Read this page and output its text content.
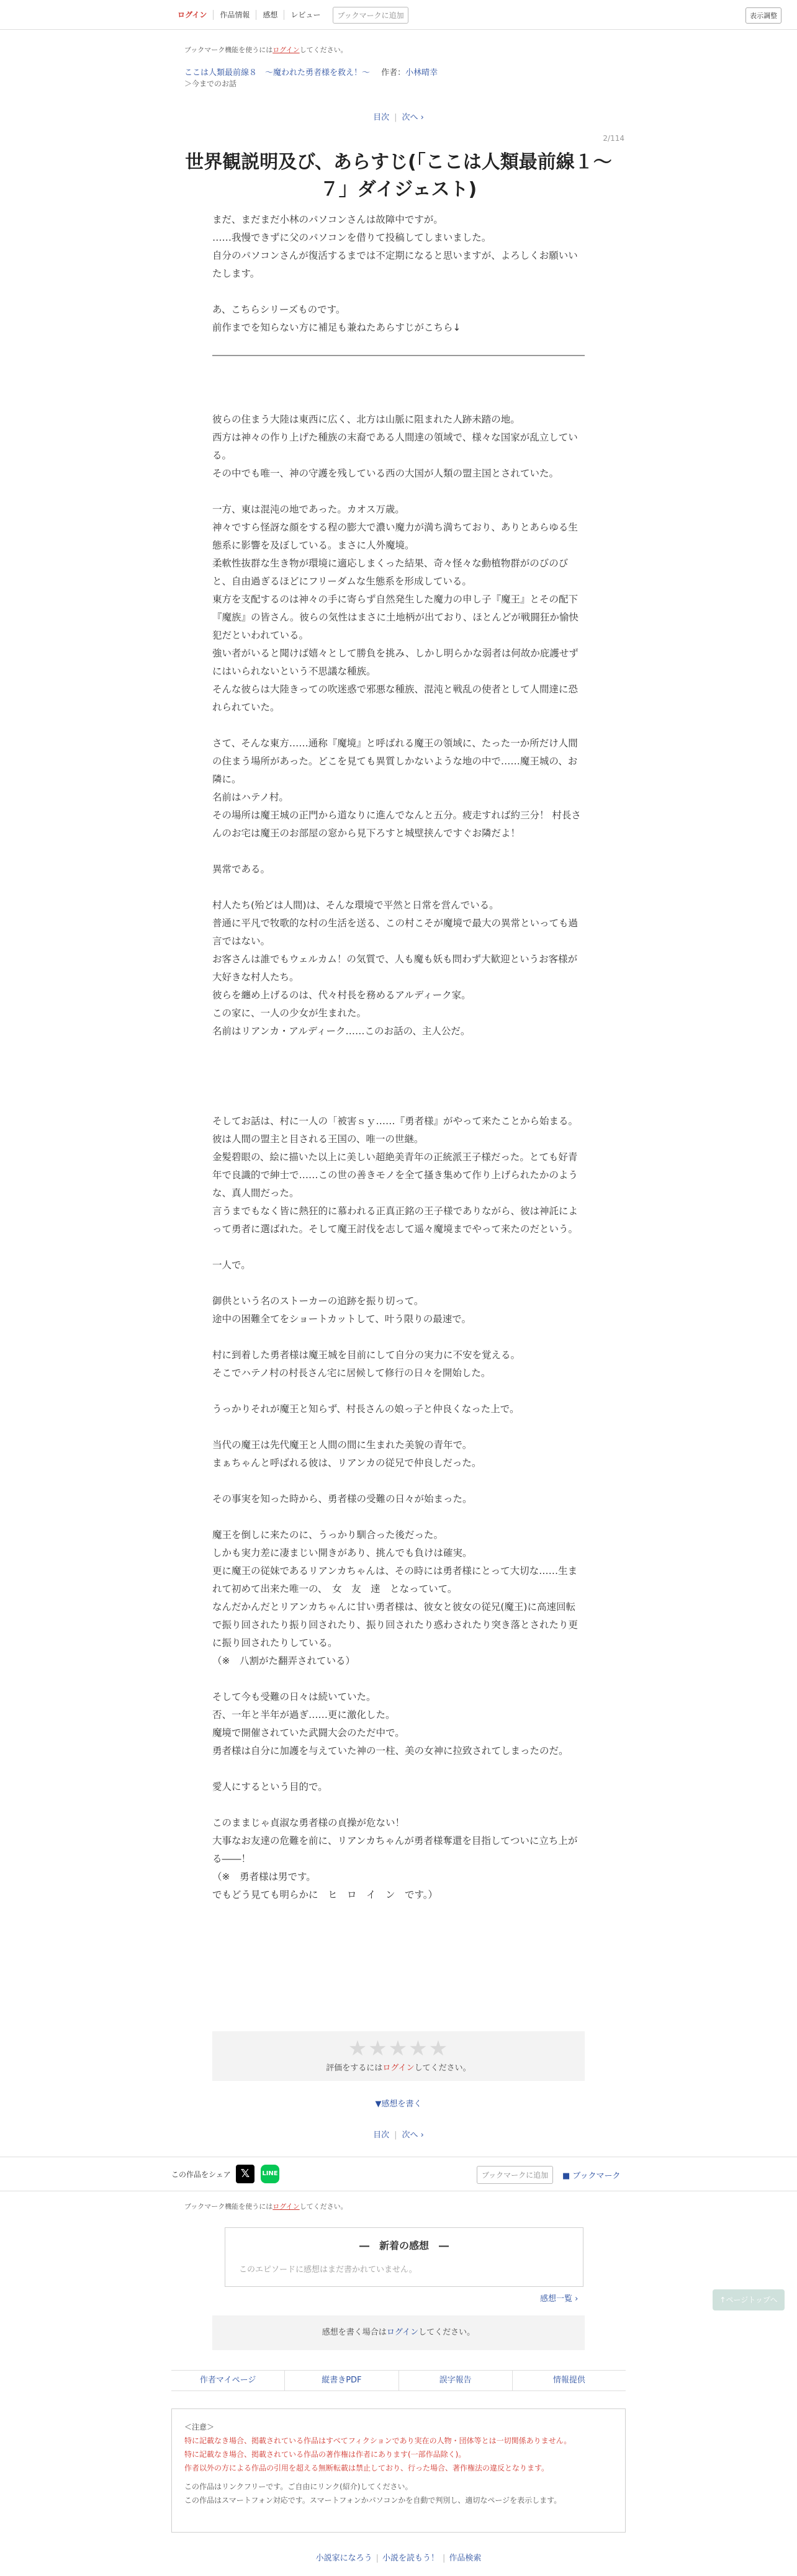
ログイン	作品情報	感想	レビュー	ブックマークに追加	表示調整
ブックマーク機能を使うにはログインしてください。
ここは人類最前線８　～魔われた勇者様を救え！～ 作者：小林晴幸
＞今までのお話
目次 | 次へ ›
2/114
世界観説明及び、あらすじ(「ここは人類最前線１～７」ダイジェスト)

まだ、まだまだ小林のパソコンさんは故障中ですが。

……我慢できずに父のパソコンを借りて投稿してしまいました。

自分のパソコンさんが復活するまでは不定期になると思いますが、よろしくお願いいたします。

あ、こちらシリーズものです。

前作までを知らない方に補足も兼ねたあらすじがこちら↓

彼らの住まう大陸は東西に広く、北方は山脈に阻まれた人跡未踏の地。

西方は神々の作り上げた種族の末裔である人間達の領域で、様々な国家が乱立している。

その中でも唯一、神の守護を残している西の大国が人類の盟主国とされていた。

一方、東は混沌の地であった。カオス万歳。

神々ですら怪訝な顔をする程の膨大で濃い魔力が満ち満ちており、ありとあらゆる生態系に影響を及ぼしている。まさに人外魔境。

柔軟性抜群な生き物が環境に適応しまくった結果、奇々怪々な動植物群がのびのびと、自由過ぎるほどにフリーダムな生態系を形成している。

東方を支配するのは神々の手に寄らず自然発生した魔力の申し子『魔王』とその配下『魔族』の皆さん。彼らの気性はまさに土地柄が出ており、ほとんどが戦闘狂か愉快犯だといわれている。

強い者がいると聞けば嬉々として勝負を挑み、しかし明らかな弱者は何故か庇護せずにはいられないという不思議な種族。

そんな彼らは大陸きっての吹迷惑で邪悪な種族、混沌と戦乱の使者として人間達に恐れられていた。

さて、そんな東方……通称『魔境』と呼ばれる魔王の領域に、たった一か所だけ人間の住まう場所があった。どこを見ても異質しかないような地の中で……魔王城の、お隣に。

名前はハテノ村。

その場所は魔王城の正門から道なりに進んでなんと五分。疲走すれば約三分！ 村長さんのお宅は魔王のお部屋の窓から見下ろすと城壁挟んですぐお隣だよ！

異常である。

村人たち(殆どは人間)は、そんな環境で平然と日常を営んでいる。

普通に平凡で牧歌的な村の生活を送る、この村こそが魔境で最大の異常といっても過言ではない。

お客さんは誰でもウェルカム！の気質で、人も魔も妖も問わず大歓迎というお客様が大好きな村人たち。

彼らを纏め上げるのは、代々村長を務めるアルディーク家。

この家に、一人の少女が生まれた。

名前はリアンカ・アルディーク……このお話の、主人公だ。

そしてお話は、村に一人の「被害ｓｙ……『勇者様』がやって来たことから始まる。

彼は人間の盟主と目される王国の、唯一の世継。

金髪碧眼の、絵に描いた以上に美しい超絶美青年の正統派王子様だった。とても好青年で良識的で紳士で……この世の善きモノを全て搔き集めて作り上げられたかのような、真人間だった。

言うまでもなく皆に熱狂的に慕われる正真正銘の王子様でありながら、彼は神託によって勇者に選ばれた。そして魔王討伐を志して遥々魔境までやって来たのだという。

一人で。

御供という名のストーカーの追跡を振り切って。

途中の困難全てをショートカットして、叶う限りの最速で。

村に到着した勇者様は魔王城を目前にして自分の実力に不安を覚える。

そこでハテノ村の村長さん宅に居候して修行の日々を開始した。

うっかりそれが魔王と知らず、村長さんの娘っ子と仲良くなった上で。

当代の魔王は先代魔王と人間の間に生まれた美貌の青年で。

まぁちゃんと呼ばれる彼は、リアンカの従兄で仲良しだった。

その事実を知った時から、勇者様の受難の日々が始まった。

魔王を倒しに来たのに、うっかり馴合った後だった。

しかも実力差に凄まじい開きがあり、挑んでも負けは確実。

更に魔王の従妹であるリアンカちゃんは、その時には勇者様にとって大切な……生まれて初めて出来た唯一の、　女　友　達　となっていて。

なんだかんだとリアンカちゃんに甘い勇者様は、彼女と彼女の従兄(魔王)に高速回転で振り回されたり振り回されたり、振り回されたり惑わされたり突き落とされたり更に振り回されたりしている。

（※　八割がた翻弄されている）

そして今も受難の日々は続いていた。

否、一年と半年が過ぎ……更に激化した。

魔境で開催されていた武闘大会のただ中で。

勇者様は自分に加護を与えていた神の一柱、美の女神に拉致されてしまったのだ。

愛人にするという目的で。

このままじゃ貞淑な勇者様の貞操が危ない！

大事なお友達の危難を前に、リアンカちゃんが勇者様奪還を目指してついに立ち上がる――！

（※　勇者様は男です。

でもどう見ても明らかに　ヒ　ロ　イ　ン　です。）

★★★★★
評価をするにはログインしてください。
▼感想を書く
目次 | 次へ ›
この作品をシェア 𝕏	LINE	ブックマークに追加	■ ブックマーク
ブックマーク機能を使うにはログインしてください。
―　新着の感想　―
このエピソードに感想はまだ書かれていません。
感想一覧 ›
感想を書く場合はログインしてください。
作者マイページ	縦書きPDF	誤字報告	情報提供
＜注意＞
特に記載なき場合、掲載されている作品はすべてフィクションであり実在の人物・団体等とは一切関係ありません。
特に記載なき場合、掲載されている作品の著作権は作者にあります(一部作品除く)。
作者以外の方による作品の引用を超える無断転載は禁止しており、行った場合、著作権法の違反となります。
この作品はリンクフリーです。ご自由にリンク(紹介)してください。
この作品はスマートフォン対応です。スマートフォンかパソコンかを自動で判別し、適切なページを表示します。
小説家になろう | 小説を読もう！ | 作品検索
↑ページトップへ
